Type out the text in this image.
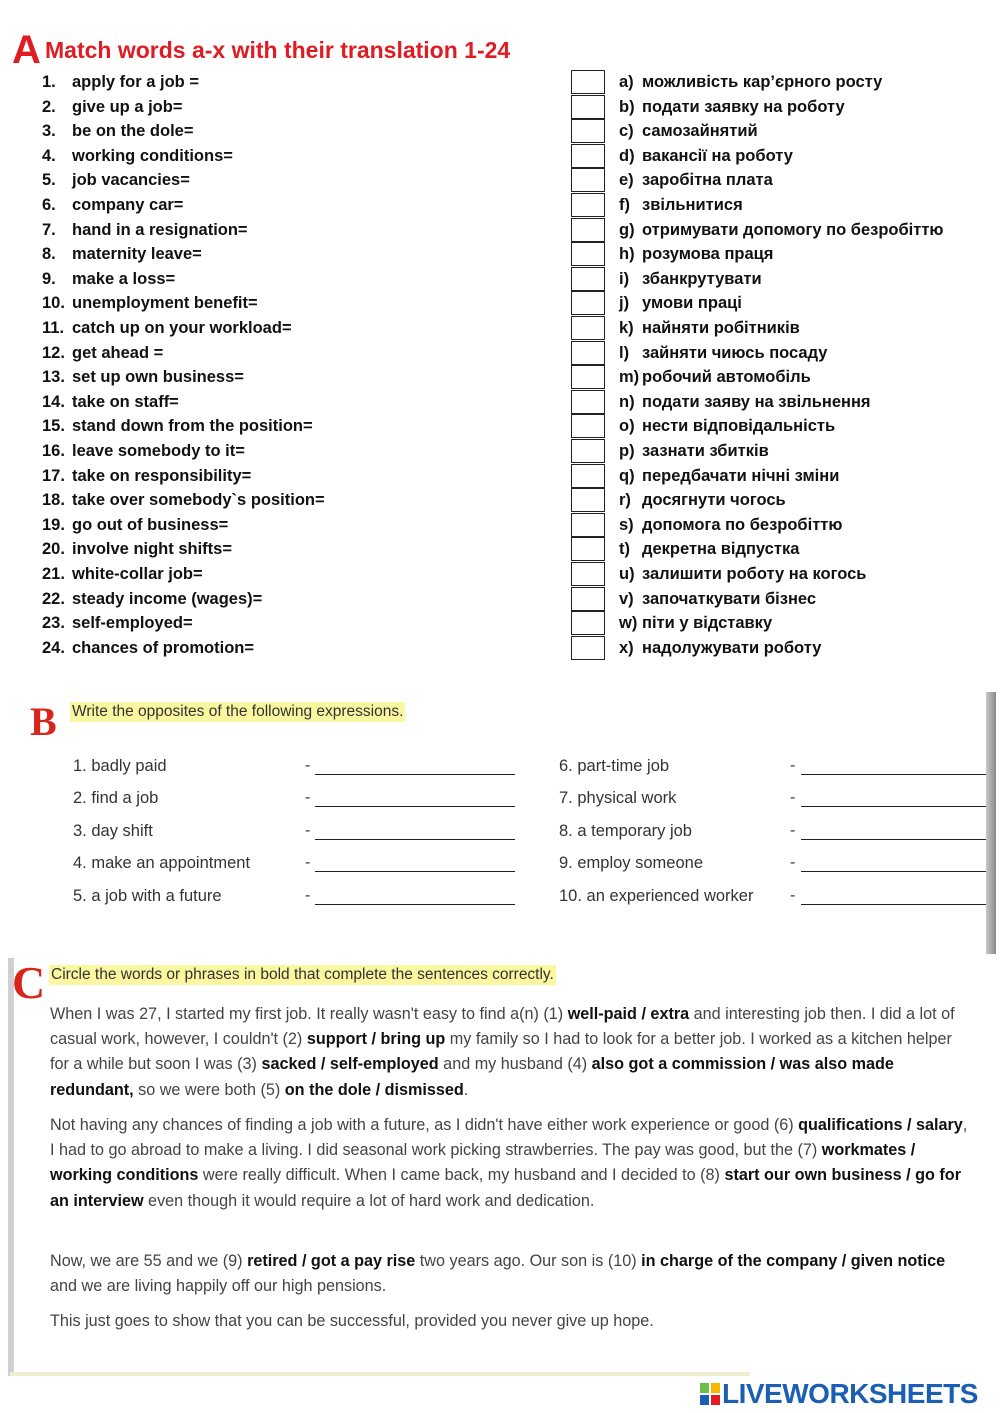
A Match words a-x with their translation 1-24
1. apply for a job =	a) можливість кар’єрного росту
2. give up a job=	b) подати заявку на роботу
3. be on the dole=	c) самозайнятий
4. working conditions=	d) вакансії на роботу
5. job vacancies=	e) заробітна плата
6. company car=	f) звільнитися
7. hand in a resignation=	g) отримувати допомогу по безробіттю
8. maternity leave=	h) розумова праця
9. make a loss=	i) збанкрутувати
10. unemployment benefit=	j) умови праці
11. catch up on your workload=	k) найняти робітників
12. get ahead =	l) зайняти чиюсь посаду
13. set up own business=	m) робочий автомобіль
14. take on staff=	n) подати заяву на звільнення
15. stand down from the position=	o) нести відповідальність
16. leave somebody to it=	p) зазнати збитків
17. take on responsibility=	q) передбачати нічні зміни
18. take over somebody`s position=	r) досягнути чогось
19. go out of business=	s) допомога по безробіттю
20. involve night shifts=	t) декретна відпустка
21. white-collar job=	u) залишити роботу на когось
22. steady income (wages)=	v) започаткувати бізнес
23. self-employed=	w) піти у відставку
24. chances of promotion=	x) надолужувати роботу
B Write the opposites of the following expressions.
1. badly paid	-	6. part-time job	-
2. find a job	-	7. physical work	-
3. day shift	-	8. a temporary job	-
4. make an appointment	-	9. employ someone	-
5. a job with a future	-	10. an experienced worker -
C Circle the words or phrases in bold that complete the sentences correctly.
When I was 27, I started my first job. It really wasn't easy to find a(n) (1) well-paid / extra and interesting job then. I did a lot of casual work, however, I couldn't (2) support / bring up my family so I had to look for a better job. I worked as a kitchen helper for a while but soon I was (3) sacked / self-employed and my husband (4) also got a commission / was also made redundant, so we were both (5) on the dole / dismissed.
Not having any chances of finding a job with a future, as I didn't have either work experience or good (6) qualifications / salary, I had to go abroad to make a living. I did seasonal work picking strawberries. The pay was good, but the (7) workmates / working conditions were really difficult. When I came back, my husband and I decided to (8) start our own business / go for an interview even though it would require a lot of hard work and dedication.
Now, we are 55 and we (9) retired / got a pay rise two years ago. Our son is (10) in charge of the company / given notice and we are living happily off our high pensions.
This just goes to show that you can be successful, provided you never give up hope.
LIVEWORKSHEETS
